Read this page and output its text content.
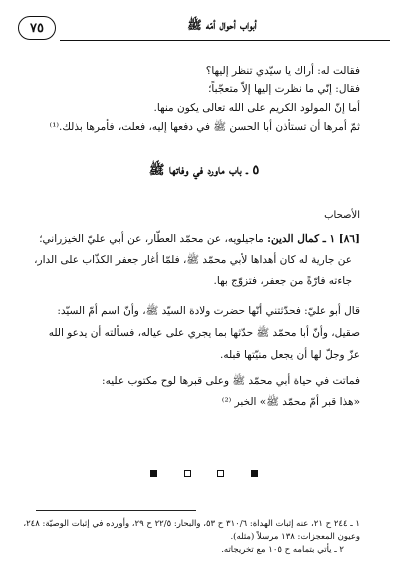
٧٥	أبواب أحوال أمّه ﷺ
فقالت له: أراك يا سيّدي تنظر إليها؟
فقال: إنّي ما نظرت إليها إلاّ متعجّباً؛
أما إنّ المولود الكريم على الله تعالى يكون منها.
ثمّ أمرها أن تستأذن أبا الحسن ﷺ في دفعها إليه، فعلت، فأمرها بذلك.⁽¹⁾
٥ ـ باب ماورد في وفاتها ﷺ
الأصحاب
[٨٦] ١ ـ كمال الدين: ماجيلويه، عن محمّد العطّار، عن أبي عليّ الخيزراني؛
عن جارية له كان أهداها لأبي محمّد ﷺ، فلمّا أغار جعفر الكذّاب على الدار،
جاءته فارّةً من جعفر، فتزوّج بها.
قال أبو عليّ: فحدّثتني أنّها حضرت ولادة السيّد ﷺ، وأنّ اسم أمّ السيّد:
صقيل، وأنّ أبا محمّد ﷺ حدّثها بما يجري على عياله، فسألته أن يدعو الله
عزّ وجلّ لها أن يجعل منيّتها قبله.
فماتت في حياة أبي محمّد ﷺ وعلى قبرها لوح مكتوب عليه:
«هذا قبر أمّ محمّد ﷺ» الخبر ⁽²⁾
١ ـ ٢٤٤ ح ٢١، عنه إثبات الهداة: ٣١٠/٦ ح ٥٣، والبحار: ٢٢/٥ ح ٢٩، وأورده في إثبات الوصيّة: ٢٤٨،
وعيون المعجزات: ١٣٨ مرسلاً (مثله).
٢ ـ يأتي بتمامه ح ١٠٥ مع تخريجاته.
